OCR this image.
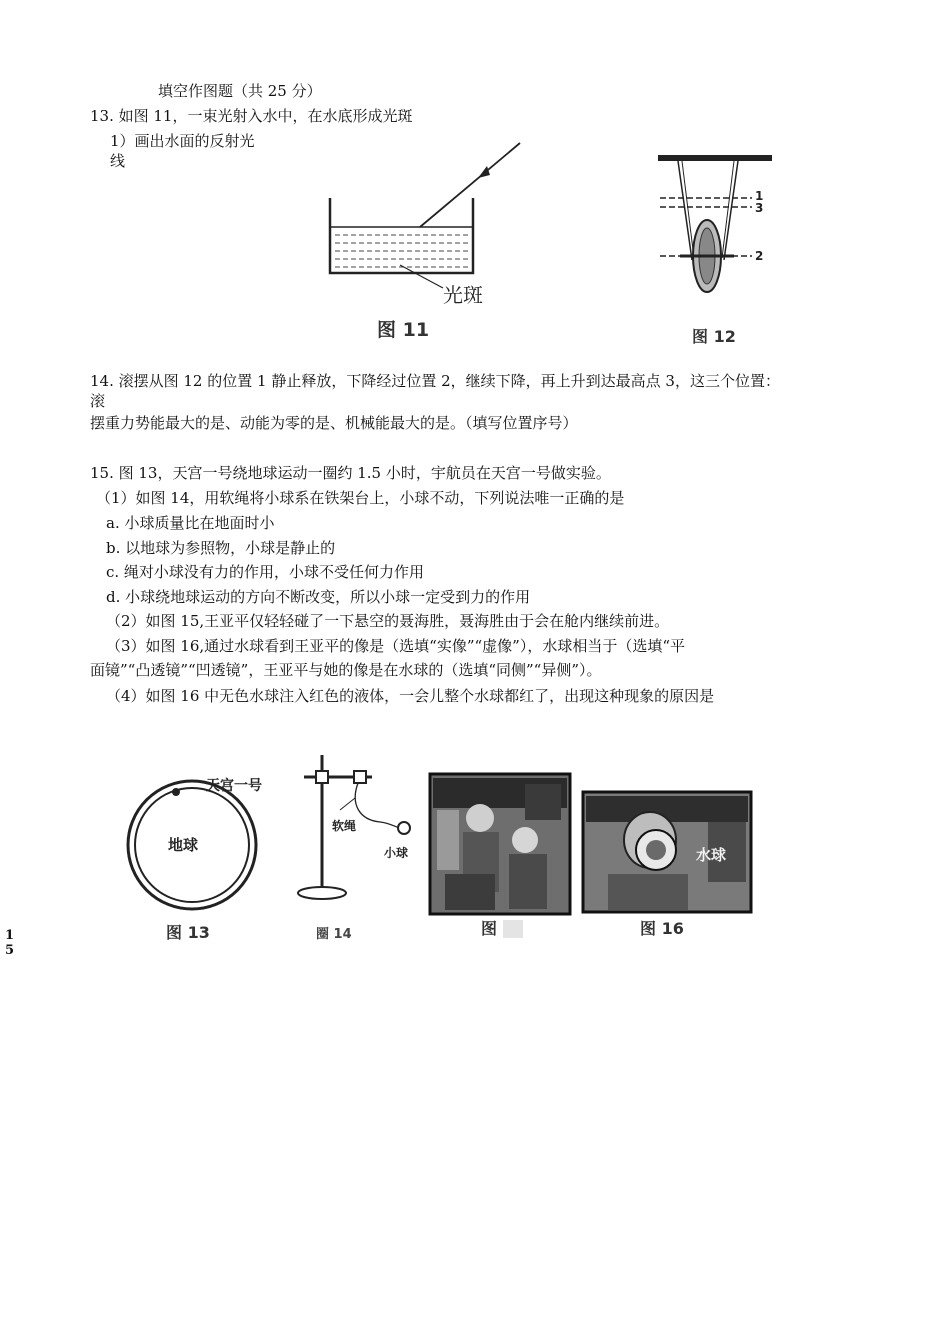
填空作图题（共 25 分）
13. 如图 11，一束光射入水中，在水底形成光斑
1）画出水面的反射光
线
光斑
图 11
1
3
2
图 12
14. 滚摆从图 12 的位置 1 静止释放，下降经过位置 2，继续下降，再上升到达最高点 3，这三个位置：
滚
摆重力势能最大的是、动能为零的是、机械能最大的是。（填写位置序号）
15. 图 13，天宫一号绕地球运动一圈约 1.5 小时，宇航员在天宫一号做实验。
（1）如图 14，用软绳将小球系在铁架台上，小球不动，下列说法唯一正确的是
a. 小球质量比在地面时小
b. 以地球为参照物，小球是静止的
c. 绳对小球没有力的作用，小球不受任何力作用
d. 小球绕地球运动的方向不断改变，所以小球一定受到力的作用
（2）如图 15,王亚平仅轻轻碰了一下悬空的聂海胜，聂海胜由于会在舱内继续前进。
（3）如图 16,通过水球看到王亚平的像是（选填“实像”“虚像”），水球相当于（选填“平
面镜”“凸透镜”“凹透镜”，王亚平与她的像是在水球的（选填“同侧”“异侧”）。
（4）如图 16 中无色水球注入红色的液体，一会儿整个水球都红了，出现这种现象的原因是
天宫一号
地球
图 13
软绳
小球
圈 14	图
水球
图 16
1
5
